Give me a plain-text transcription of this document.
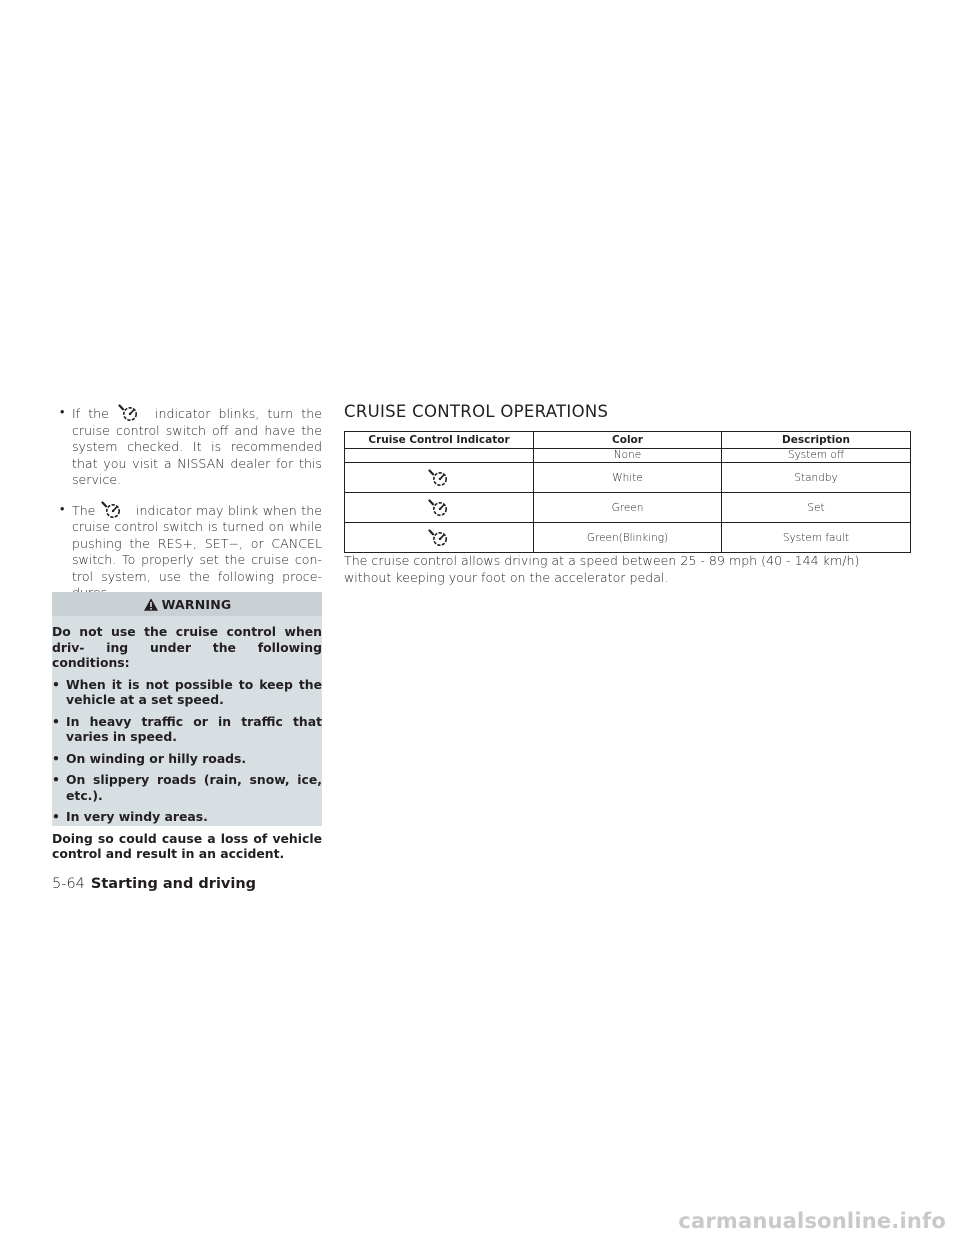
• If the	indicator blinks, turn the cruise control switch off and have the system checked. It is recommended that you visit a NISSAN dealer for this service.
• The	indicator may blink when the cruise control switch is turned on while pushing the RES+, SET−, or CANCEL switch. To properly set the cruise con- trol system, use the following proce-
WARNING

Do not use the cruise control when driv- ing under the following conditions:

• When it is not possible to keep the vehicle at a set speed.
• In heavy traffic or in traffic that varies in speed.
• On winding or hilly roads.
• On slippery roads (rain, snow, ice, etc.).
• In very windy areas.

Doing so could cause a loss of vehicle control and result in an accident.

CRUISE CONTROL OPERATIONS
Cruise Control Indicator	Color	Description
	None	System off

	White	Standby

	Green	Set

	Green(Blinking)	System fault

The cruise control allows driving at a speed between 25 - 89 mph (40 - 144 km/h) without keeping your foot on the accelerator pedal.

5-64 Starting and driving
carmanualsonline.info
